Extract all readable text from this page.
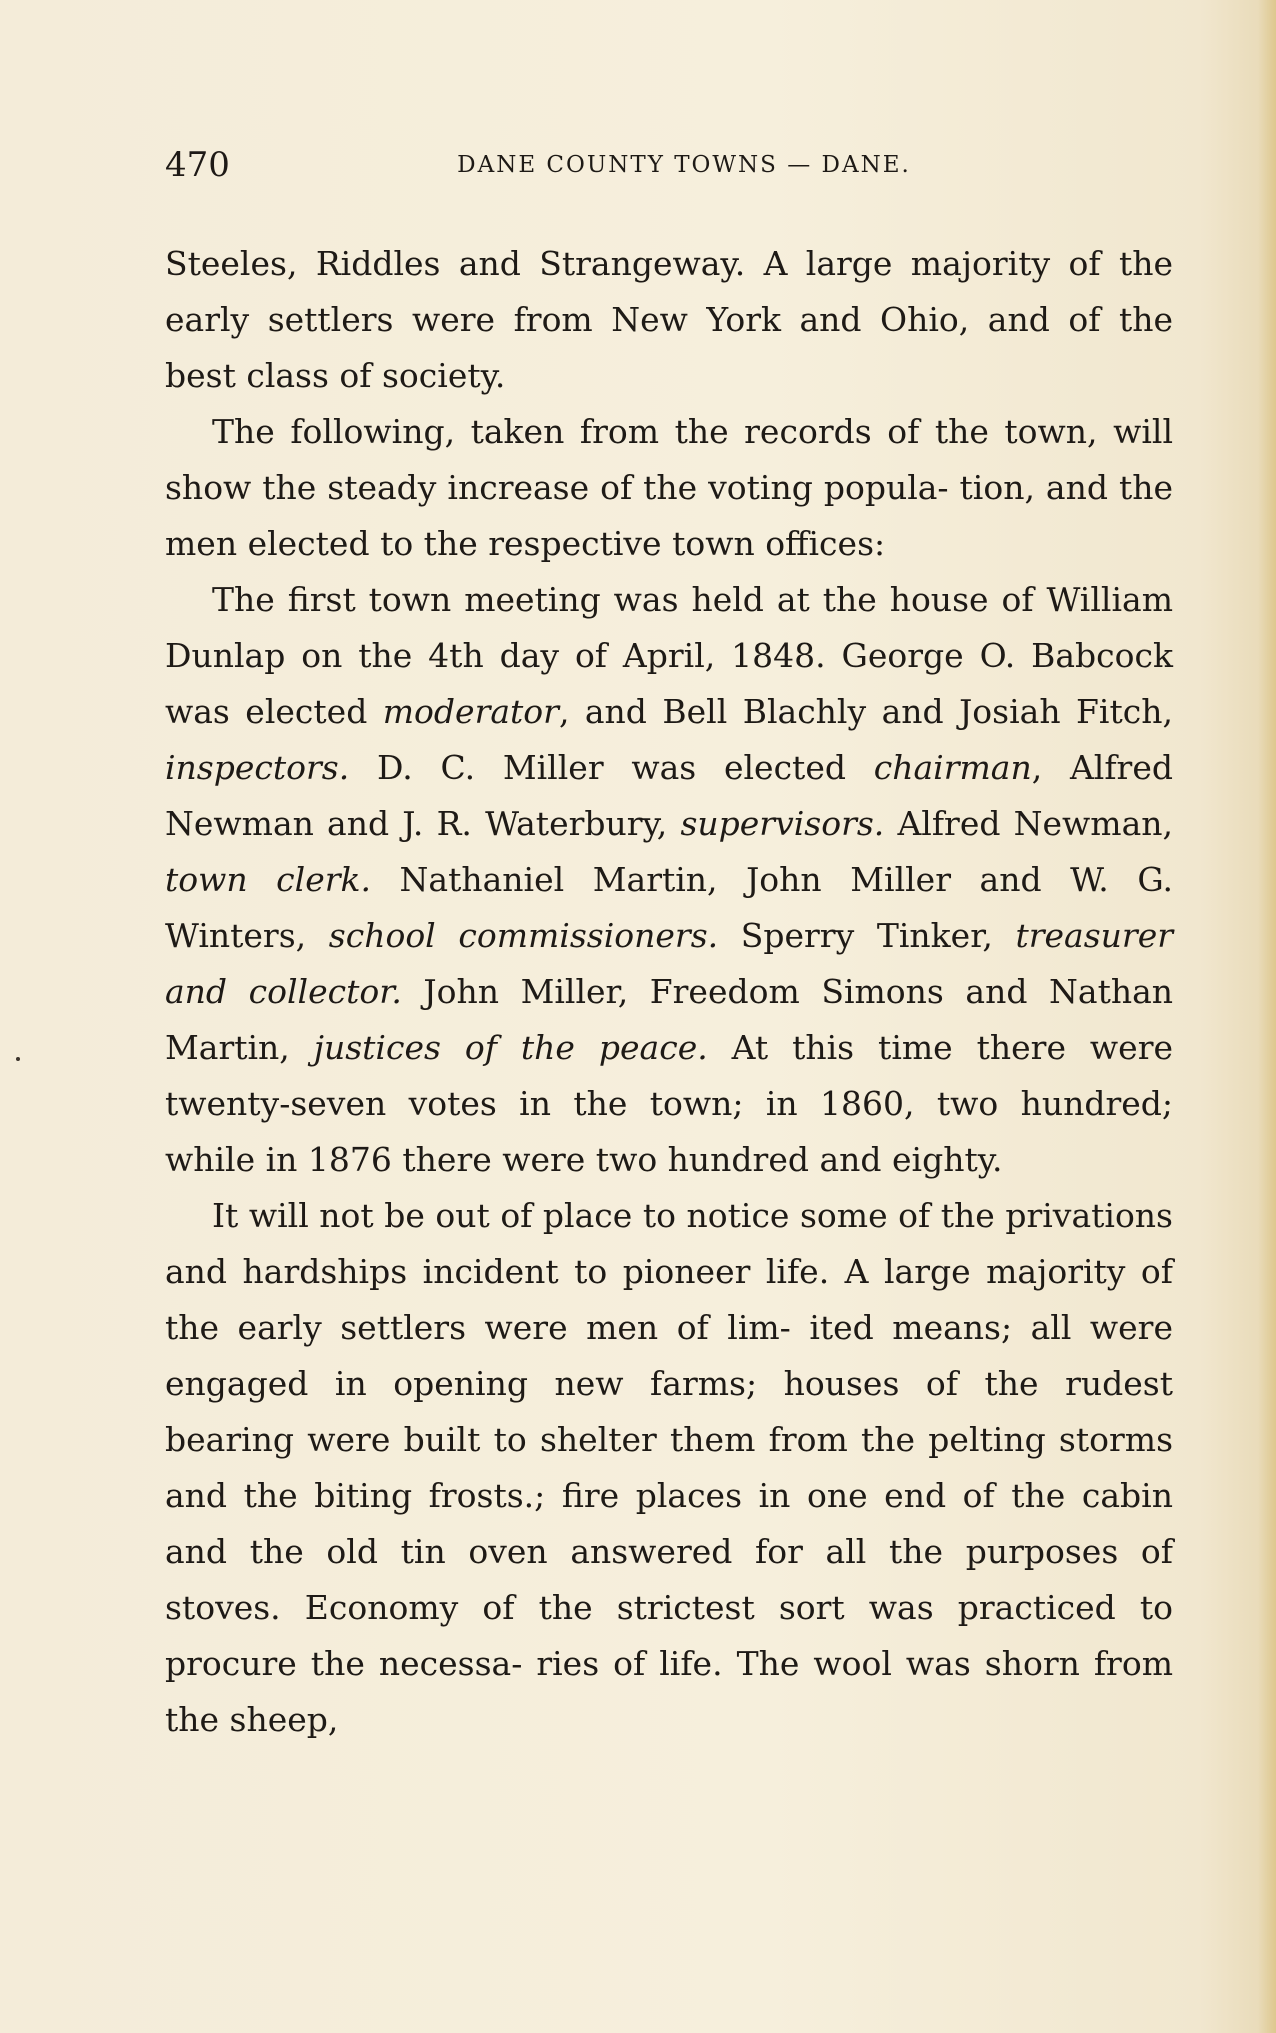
470	DANE COUNTY TOWNS — DANE.

Steeles, Riddles and Strangeway. A large majority of the early settlers were from New York and Ohio, and of the best class of society.

The following, taken from the records of the town, will show the steady increase of the voting popula- tion, and the men elected to the respective town offices:

The first town meeting was held at the house of William Dunlap on the 4th day of April, 1848. George O. Babcock was elected moderator, and Bell Blachly and Josiah Fitch, inspectors. D. C. Miller was elected chairman, Alfred Newman and J. R. Waterbury, supervisors. Alfred Newman, town clerk. Nathaniel Martin, John Miller and W. G. Winters, school commissioners. Sperry Tinker, treasurer and collector. John Miller, Freedom Simons and Nathan Martin, justices of the peace. At this time there were twenty-seven votes in the town; in 1860, two hundred; while in 1876 there were two hundred and eighty.

It will not be out of place to notice some of the privations and hardships incident to pioneer life. A large majority of the early settlers were men of lim- ited means; all were engaged in opening new farms; houses of the rudest bearing were built to shelter them from the pelting storms and the biting frosts.; fire places in one end of the cabin and the old tin oven answered for all the purposes of stoves. Economy of the strictest sort was practiced to procure the necessa- ries of life. The wool was shorn from the sheep,
